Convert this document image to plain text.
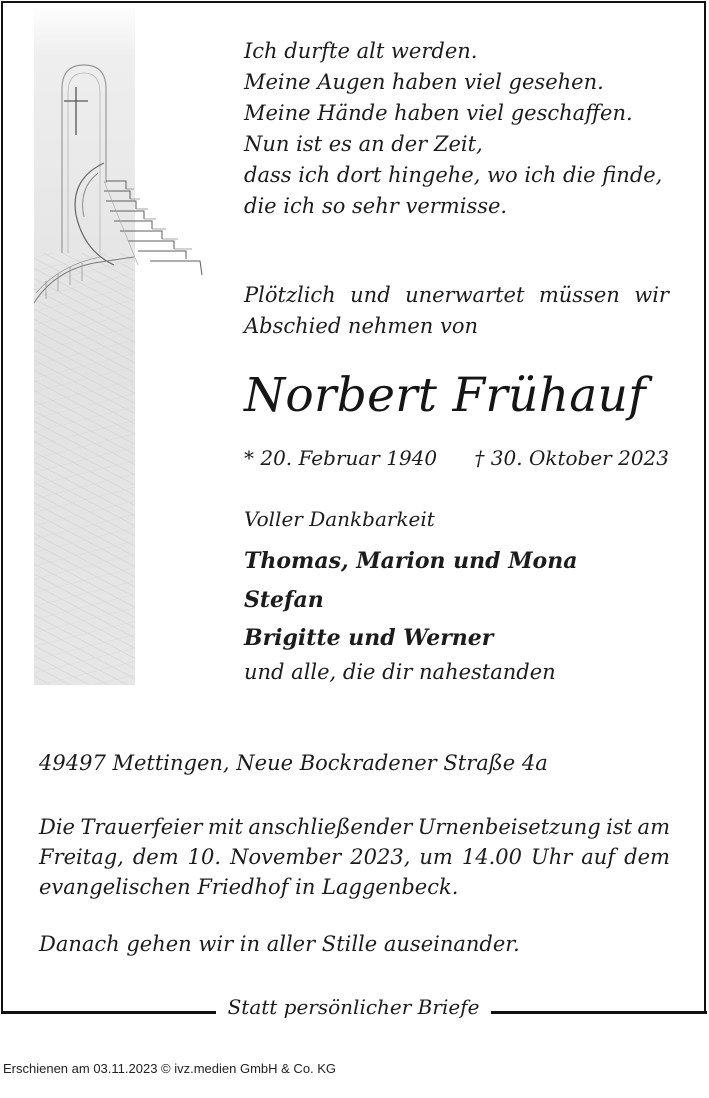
Ich durfte alt werden.
Meine Augen haben viel gesehen.
Meine Hände haben viel geschaffen.
Nun ist es an der Zeit,
dass ich dort hingehe, wo ich die finde,
die ich so sehr vermisse.
Plötzlich und unerwartet müssen wir
Abschied nehmen von
Norbert Frühauf
* 20. Februar 1940 † 30. Oktober 2023
Voller Dankbarkeit
Thomas, Marion und Mona
Stefan
Brigitte und Werner
und alle, die dir nahestanden
49497 Mettingen, Neue Bockradener Straße 4a
Die Trauerfeier mit anschließender Urnenbeisetzung ist am
Freitag, dem 10. November 2023, um 14.00 Uhr auf dem
evangelischen Friedhof in Laggenbeck.
Danach gehen wir in aller Stille auseinander.
Statt persönlicher Briefe
Erschienen am 03.11.2023 © ivz.medien GmbH & Co. KG
